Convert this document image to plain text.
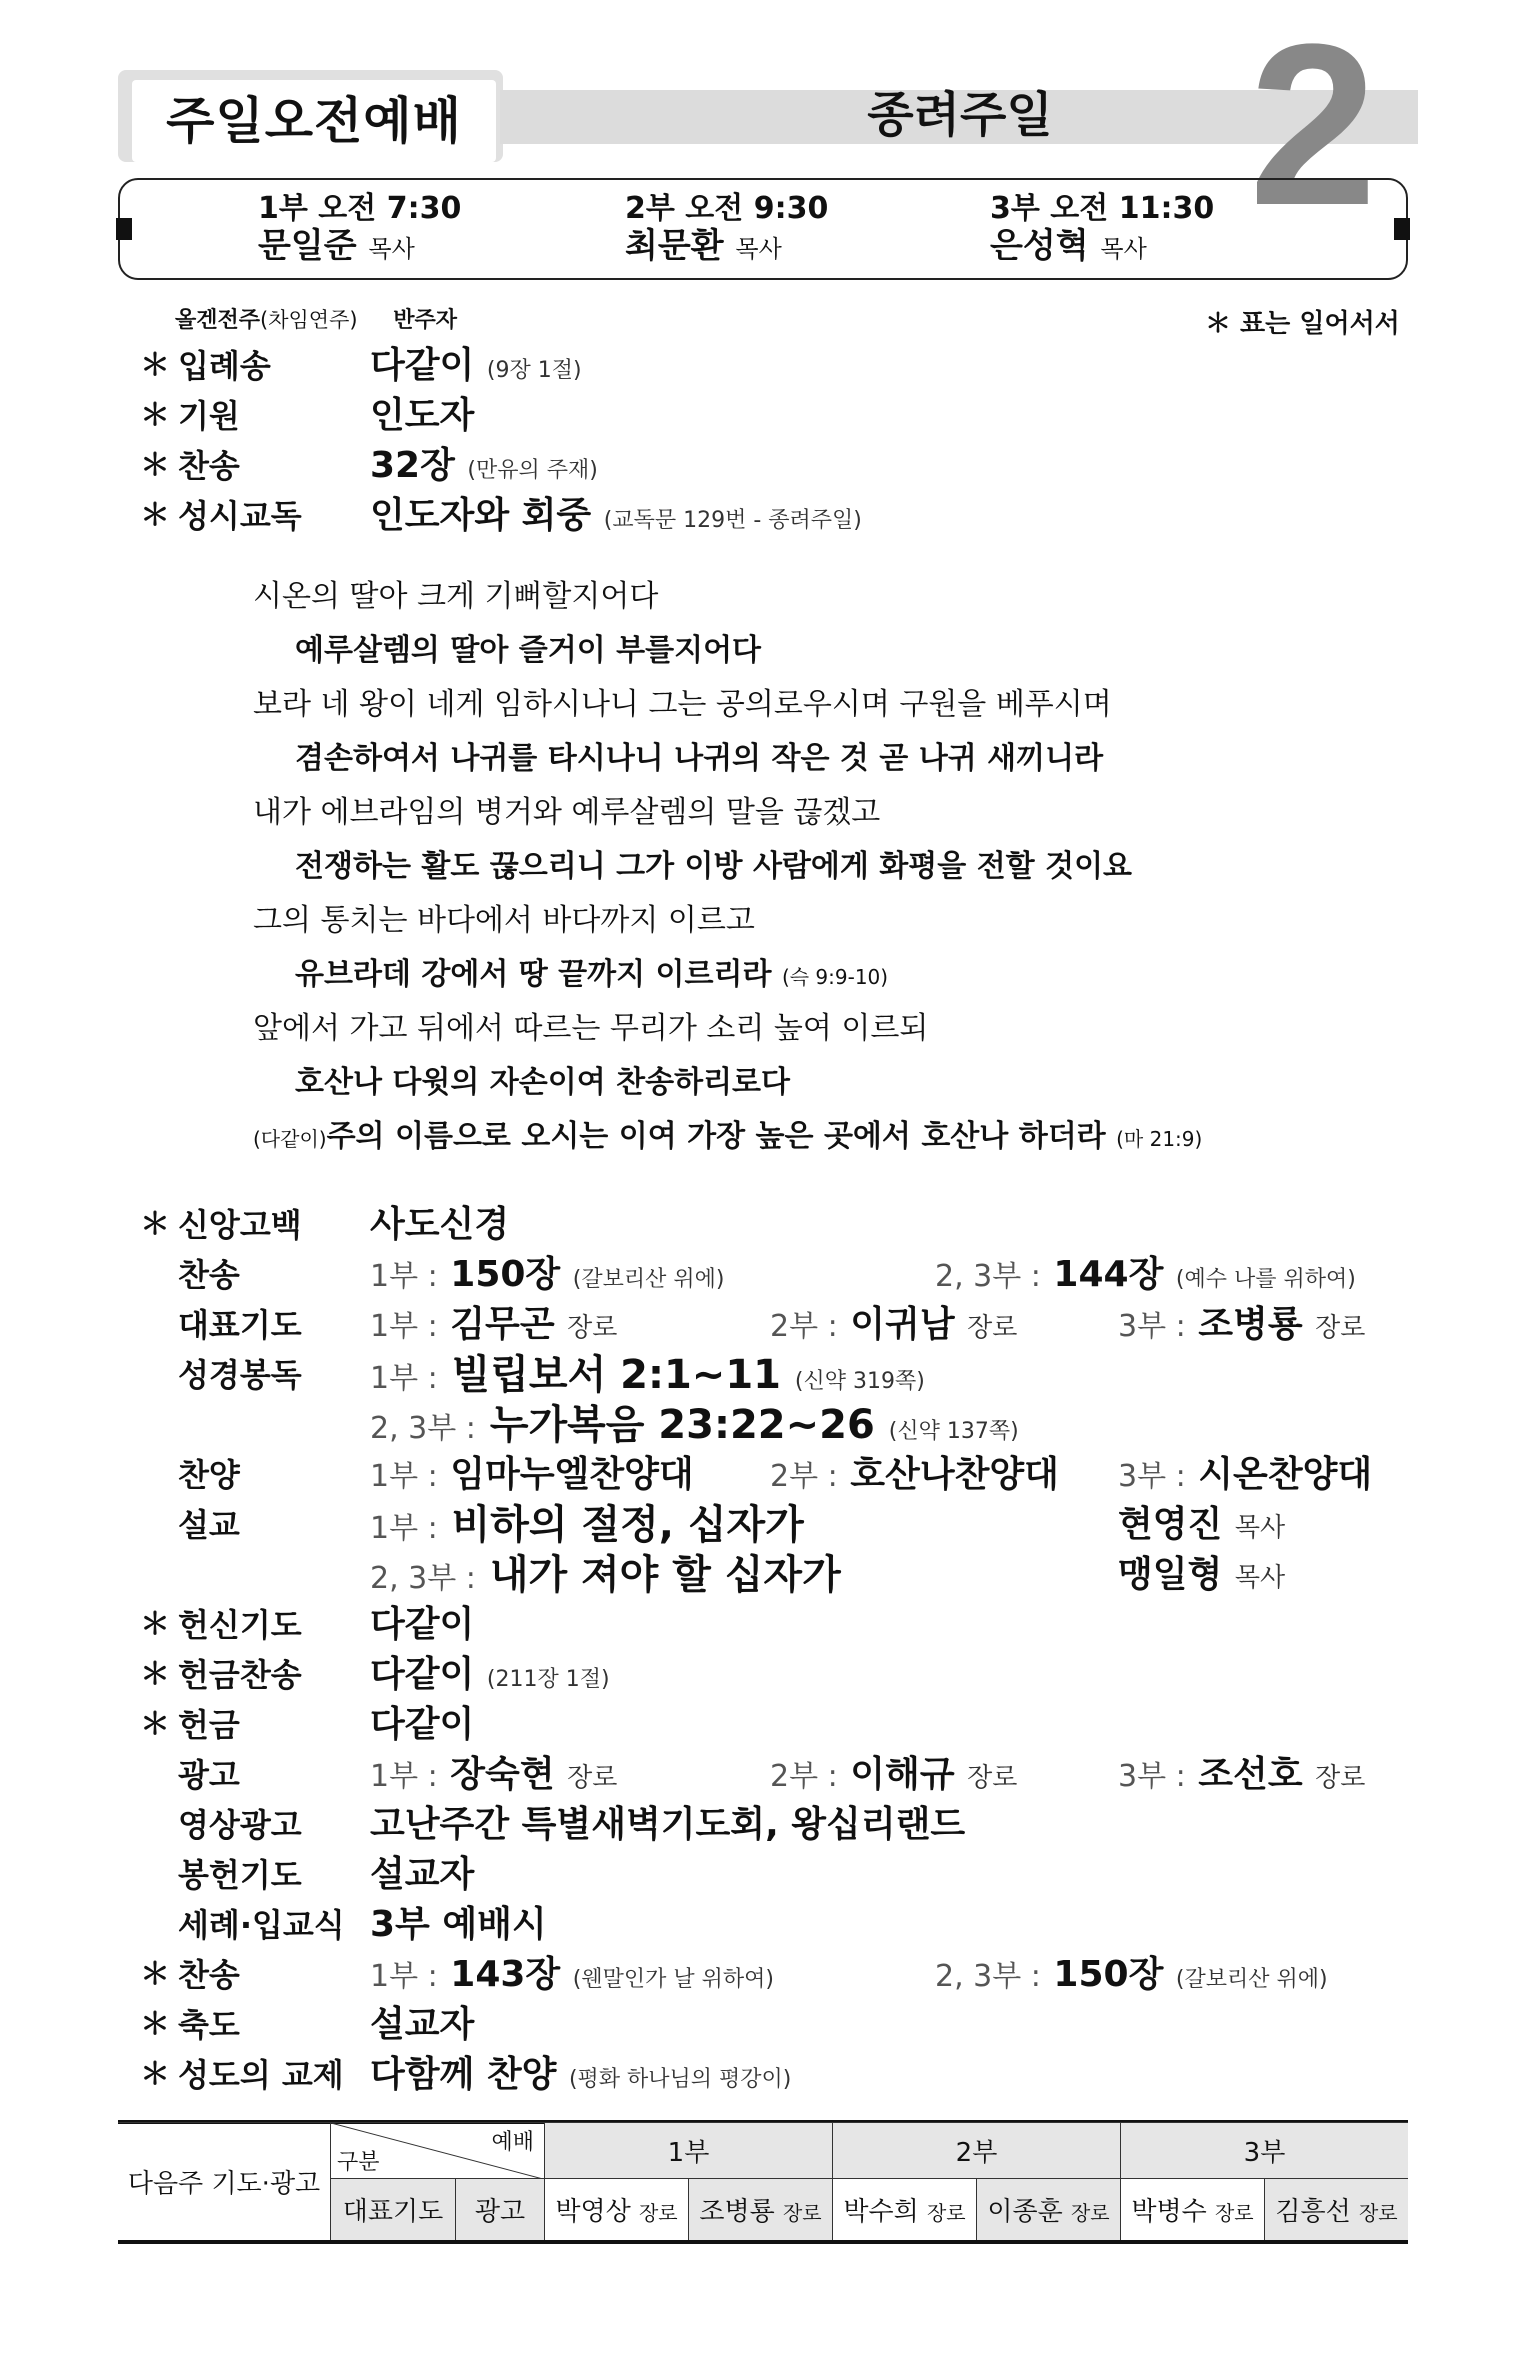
주일오전예배	종려주일 2
1부 오전 7:30
문일준 목사
2부 오전 9:30
최문환 목사
3부 오전 11:30
은성혁 목사
올겐전주(차임연주) 반주자	＊ 표는 일어서서
＊ 입례송	다같이 (9장 1절)
＊ 기원	인도자
＊ 찬송	32장 (만유의 주재)
＊ 성시교독	인도자와 회중 (교독문 129번 - 종려주일)
시온의 딸아 크게 기뻐할지어다
예루살렘의 딸아 즐거이 부를지어다
보라 네 왕이 네게 임하시나니 그는 공의로우시며 구원을 베푸시며
겸손하여서 나귀를 타시나니 나귀의 작은 것 곧 나귀 새끼니라
내가 에브라임의 병거와 예루살렘의 말을 끊겠고
전쟁하는 활도 끊으리니 그가 이방 사람에게 화평을 전할 것이요
그의 통치는 바다에서 바다까지 이르고
유브라데 강에서 땅 끝까지 이르리라 (슥 9:9-10)
앞에서 가고 뒤에서 따르는 무리가 소리 높여 이르되
호산나 다윗의 자손이여 찬송하리로다
(다같이)주의 이름으로 오시는 이여 가장 높은 곳에서 호산나 하더라 (마 21:9)
＊ 신앙고백	사도신경
찬송	1부 : 150장 (갈보리산 위에)	2, 3부 : 144장 (예수 나를 위하여)
대표기도	1부 : 김무곤 장로	2부 : 이귀남 장로	3부 : 조병룡 장로
성경봉독	1부 : 빌립보서 2:1~11 (신약 319쪽)
2, 3부 : 누가복음 23:22~26 (신약 137쪽)
찬양	1부 : 임마누엘찬양대	2부 : 호산나찬양대 3부 : 시온찬양대
설교	1부 : 비하의 절정, 십자가	현영진 목사
2, 3부 : 내가 져야 할 십자가	맹일형 목사
＊ 헌신기도	다같이
＊ 헌금찬송	다같이 (211장 1절)
＊ 헌금	다같이
광고	1부 : 장숙현 장로	2부 : 이해규 장로	3부 : 조선호 장로
영상광고	고난주간 특별새벽기도회, 왕십리랜드
봉헌기도	설교자
세례·입교식 3부 예배시
＊ 찬송	1부 : 143장 (웬말인가 날 위하여)	2, 3부 : 150장 (갈보리산 위에)
＊ 축도	설교자
＊ 성도의 교제 다함께 찬양 (평화 하나님의 평강이)
다음주 기도·광고	예배
구분		1부		2부		3부	
	대표기도	광고	박영상 장로	조병룡 장로	박수희 장로	이종훈 장로	박병수 장로	김흥선 장로
